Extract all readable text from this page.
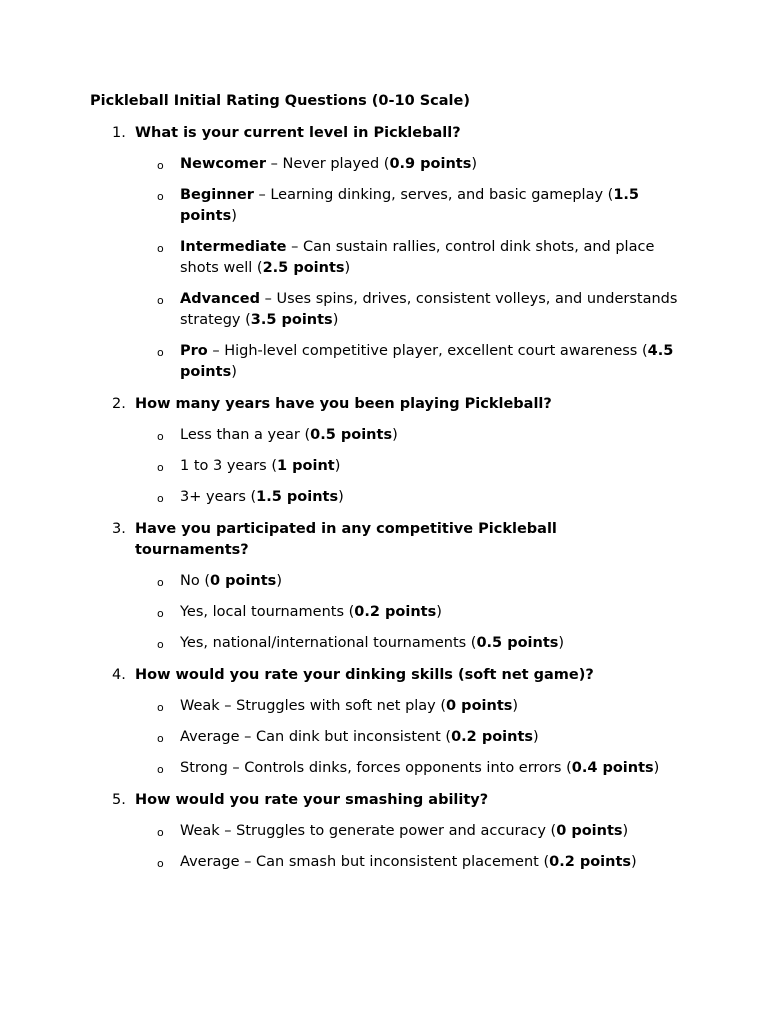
Pickleball Initial Rating Questions (0-10 Scale)
1. What is your current level in Pickleball?

o Newcomer – Never played (0.9 points)

o Beginner – Learning dinking, serves, and basic gameplay (1.5 points)

o Intermediate – Can sustain rallies, control dink shots, and place shots well (2.5 points)

o Advanced – Uses spins, drives, consistent volleys, and understands strategy (3.5 points)

o Pro – High-level competitive player, excellent court awareness (4.5 points)

2. How many years have you been playing Pickleball?

o Less than a year (0.5 points)

o 1 to 3 years (1 point)

o 3+ years (1.5 points)

3. Have you participated in any competitive Pickleball tournaments?

o No (0 points)

o Yes, local tournaments (0.2 points)

o Yes, national/international tournaments (0.5 points)

4. How would you rate your dinking skills (soft net game)?

o Weak – Struggles with soft net play (0 points)

o Average – Can dink but inconsistent (0.2 points)

o Strong – Controls dinks, forces opponents into errors (0.4 points)

5. How would you rate your smashing ability?

o Weak – Struggles to generate power and accuracy (0 points)

o Average – Can smash but inconsistent placement (0.2 points)
